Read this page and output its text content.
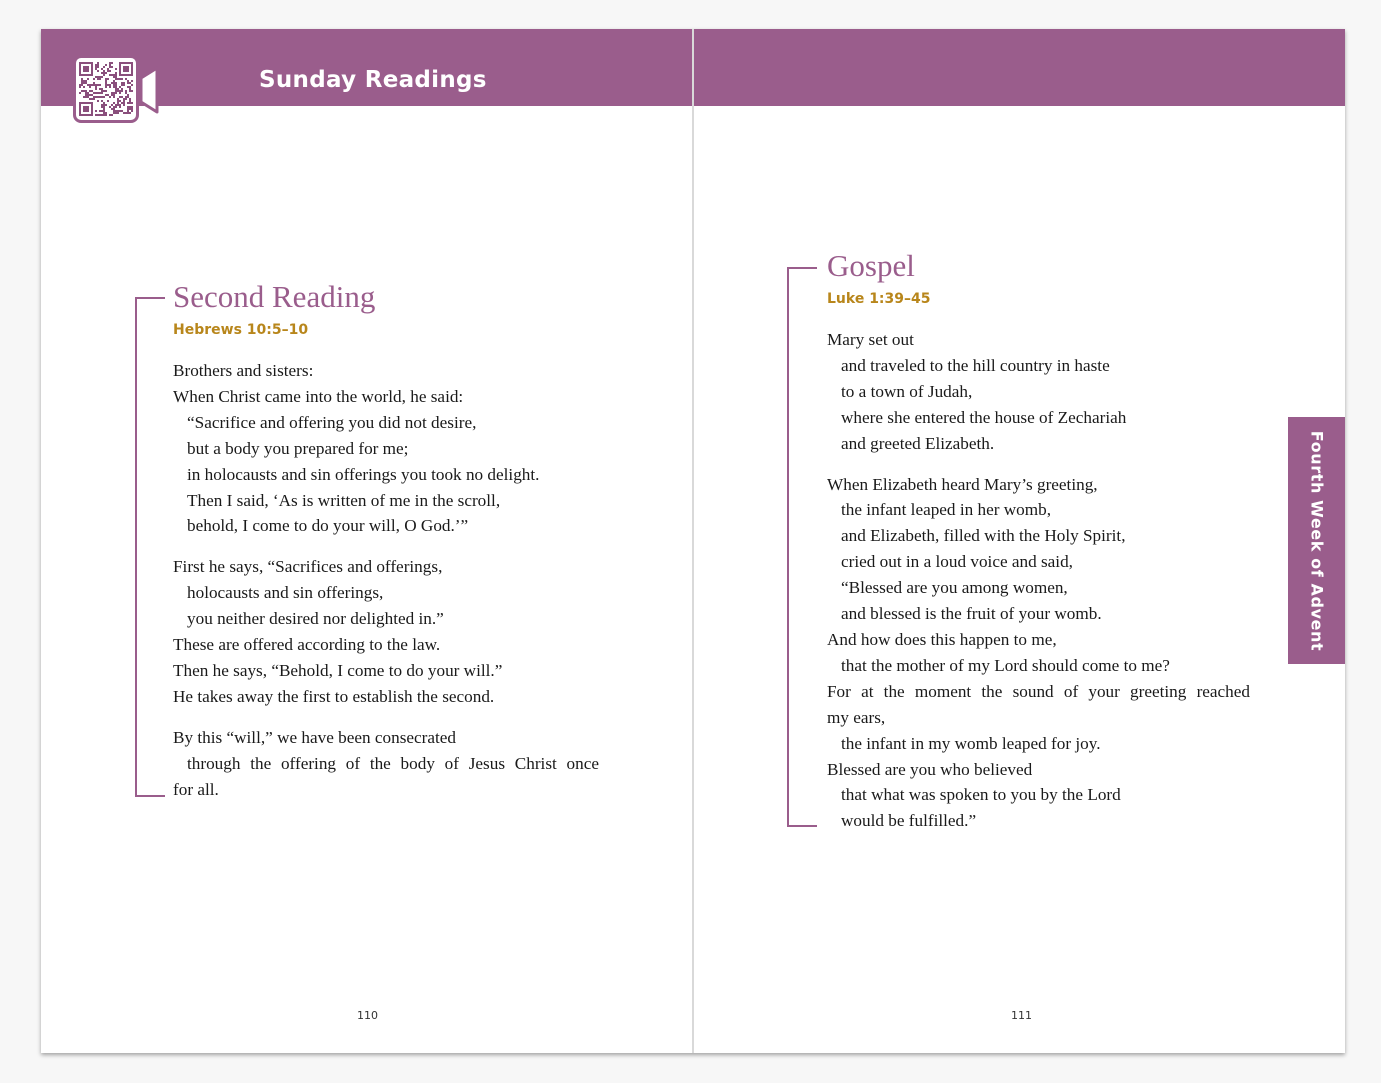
Sunday Readings
Second Reading
Hebrews 10:5–10
Brothers and sisters:
When Christ came into the world, he said:
“Sacrifice and offering you did not desire,
but a body you prepared for me;
in holocausts and sin offerings you took no delight.
Then I said, ‘As is written of me in the scroll,
behold, I come to do your will, O God.’”
First he says, “Sacrifices and offerings,
holocausts and sin offerings,
you neither desired nor delighted in.”
These are offered according to the law.
Then he says, “Behold, I come to do your will.”
He takes away the first to establish the second.
By this “will,” we have been consecrated
through the offering of the body of Jesus Christ once
for all.
110
Gospel
Luke 1:39–45
Mary set out
and traveled to the hill country in haste
to a town of Judah,
where she entered the house of Zechariah
and greeted Elizabeth.
When Elizabeth heard Mary’s greeting,
the infant leaped in her womb,
and Elizabeth, filled with the Holy Spirit,
cried out in a loud voice and said,
“Blessed are you among women,
and blessed is the fruit of your womb.
And how does this happen to me,
that the mother of my Lord should come to me?
For at the moment the sound of your greeting reached
my ears,
the infant in my womb leaped for joy.
Blessed are you who believed
that what was spoken to you by the Lord
would be fulfilled.”
111
Fourth Week of Advent
